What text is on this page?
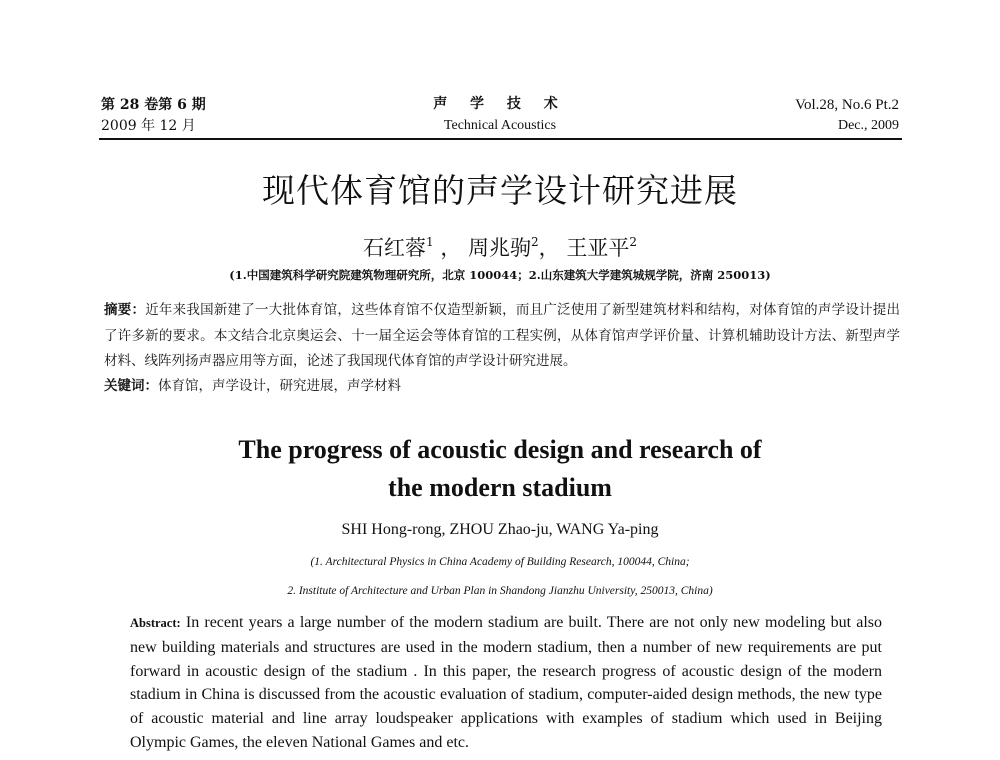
第 28 卷第 6 期
2009 年 12 月
声 学 技 术
Technical Acoustics
Vol.28, No.6 Pt.2
Dec., 2009
现代体育馆的声学设计研究进展
石红蓉$^1$ ， 周兆驹$^2$， 王亚平$^2$
(1.中国建筑科学研究院建筑物理研究所，北京 100044；2.山东建筑大学建筑城规学院，济南 250013)
摘要：近年来我国新建了一大批体育馆，这些体育馆不仅造型新颖，而且广泛使用了新型建筑材料和结构，对体育馆的声学设计提出了许多新的要求。本文结合北京奥运会、十一届全运会等体育馆的工程实例，从体育馆声学评价量、计算机辅助设计方法、新型声学材料、线阵列扬声器应用等方面，论述了我国现代体育馆的声学设计研究进展。
关键词：体育馆，声学设计，研究进展，声学材料
The progress of acoustic design and research of
the modern stadium
SHI Hong-rong, ZHOU Zhao-ju, WANG Ya-ping
(1. Architectural Physics in China Academy of Building Research, 100044, China;
2. Institute of Architecture and Urban Plan in Shandong Jianzhu University, 250013, China)
Abstract: In recent years a large number of the modern stadium are built. There are not only new modeling but also new building materials and structures are used in the modern stadium, then a number of new requirements are put forward in acoustic design of the stadium . In this paper, the research progress of acoustic design of the modern stadium in China is discussed from the acoustic evaluation of stadium, computer-aided design methods, the new type of acoustic material and line array loudspeaker applications with examples of stadium which used in Beijing Olympic Games, the eleven National Games and etc.
